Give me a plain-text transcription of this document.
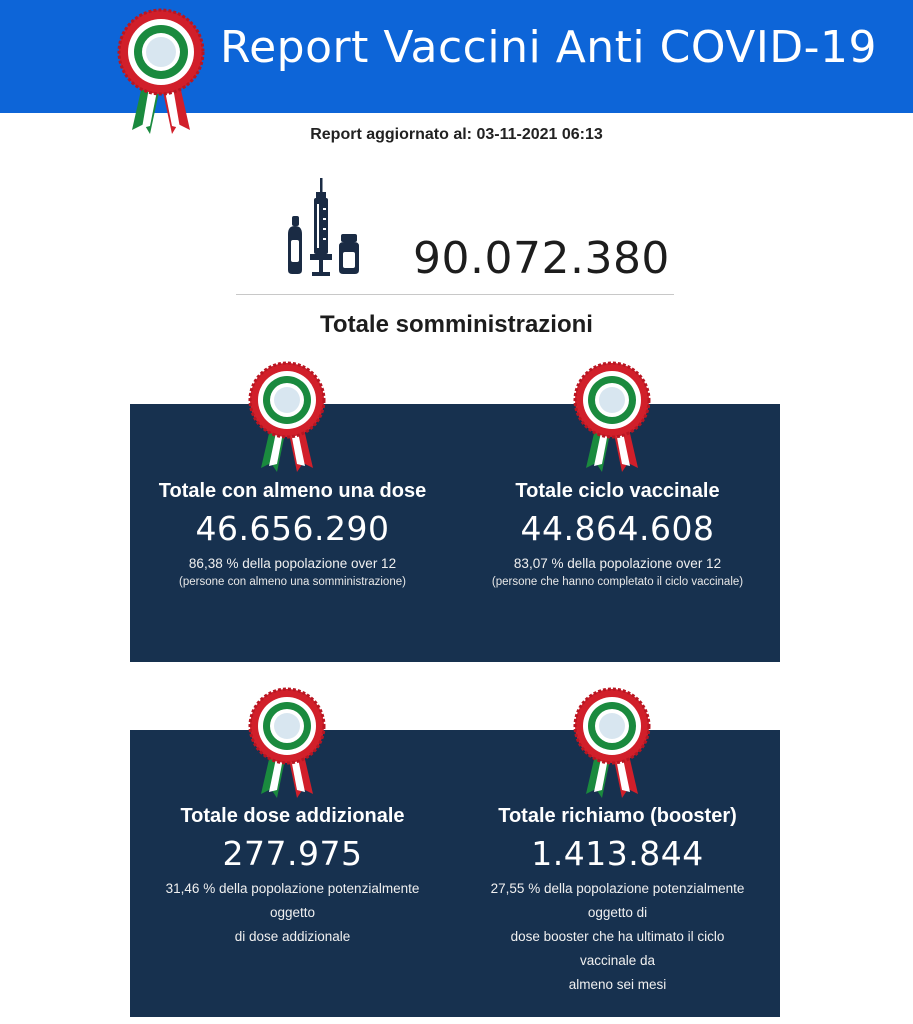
Report Vaccini Anti COVID-19
Report aggiornato al: 03-11-2021 06:13
90.072.380
Totale somministrazioni
Totale con almeno una dose
46.656.290
86,38 % della popolazione over 12
(persone con almeno una somministrazione)
Totale ciclo vaccinale
44.864.608
83,07 % della popolazione over 12
(persone che hanno completato il ciclo vaccinale)
Totale dose addizionale
277.975
31,46 % della popolazione potenzialmente
oggetto
di dose addizionale
Totale richiamo (booster)
1.413.844
27,55 % della popolazione potenzialmente
oggetto di
dose booster che ha ultimato il ciclo
vaccinale da
almeno sei mesi
